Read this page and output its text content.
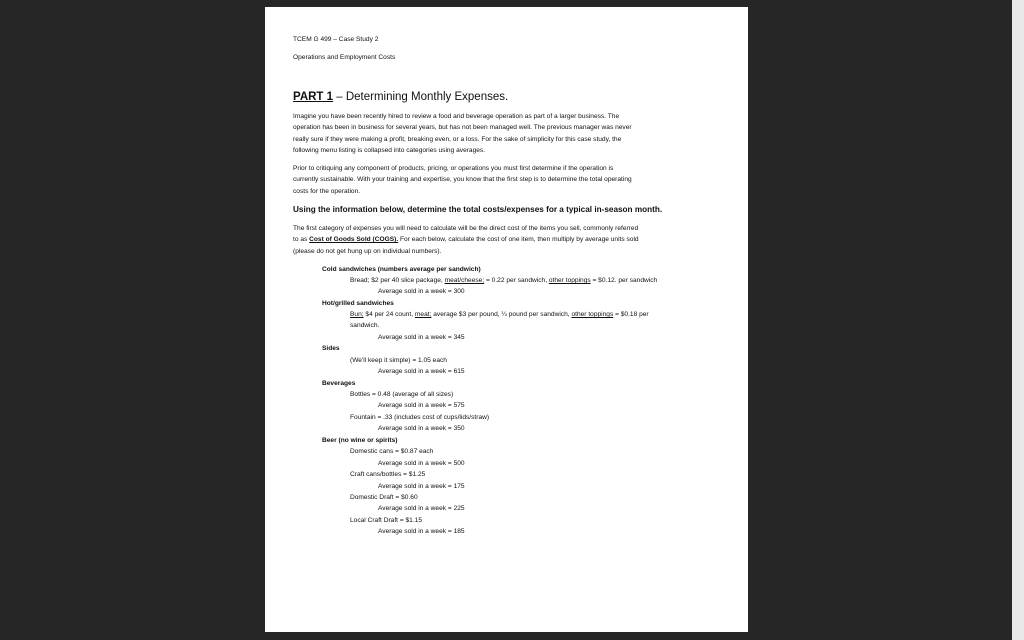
TCEM G 499 – Case Study 2
Operations and Employment Costs
PART 1 – Determining Monthly Expenses.

Imagine you have been recently hired to review a food and beverage operation as part of a larger business. The

operation has been in business for several years, but has not been managed well. The previous manager was never

really sure if they were making a profit, breaking even, or a loss. For the sake of simplicity for this case study, the

following menu listing is collapsed into categories using averages.

Prior to critiquing any component of products, pricing, or operations you must first determine if the operation is

currently sustainable. With your training and expertise, you know that the first step is to determine the total operating

costs for the operation.

Using the information below, determine the total costs/expenses for a typical in-season month.

The first category of expenses you will need to calculate will be the direct cost of the items you sell, commonly referred

to as Cost of Goods Sold (COGS). For each below, calculate the cost of one item, then multiply by average units sold

(please do not get hung up on individual numbers).

Cold sandwiches (numbers average per sandwich)
Bread; $2 per 40 slice package, meat/cheese; = 0.22 per sandwich, other toppings = $0.12. per sandwich
Average sold in a week = 300
Hot/grilled sandwiches
Bun; $4 per 24 count, meat; average $3 per pound, ¼ pound per sandwich, other toppings = $0.18 per
sandwich.
Average sold in a week = 345
Sides
(We'll keep it simple) = 1.05 each
Average sold in a week = 615
Beverages
Bottles = 0.48 (average of all sizes)
Average sold in a week = 575
Fountain = .33 (includes cost of cups/lids/straw)
Average sold in a week = 350
Beer (no wine or spirits)
Domestic cans = $0.87 each
Average sold in a week = 500
Craft cans/bottles = $1.25
Average sold in a week = 175
Domestic Draft = $0.60
Average sold in a week = 225
Local Craft Draft = $1.15
Average sold in a week = 185
